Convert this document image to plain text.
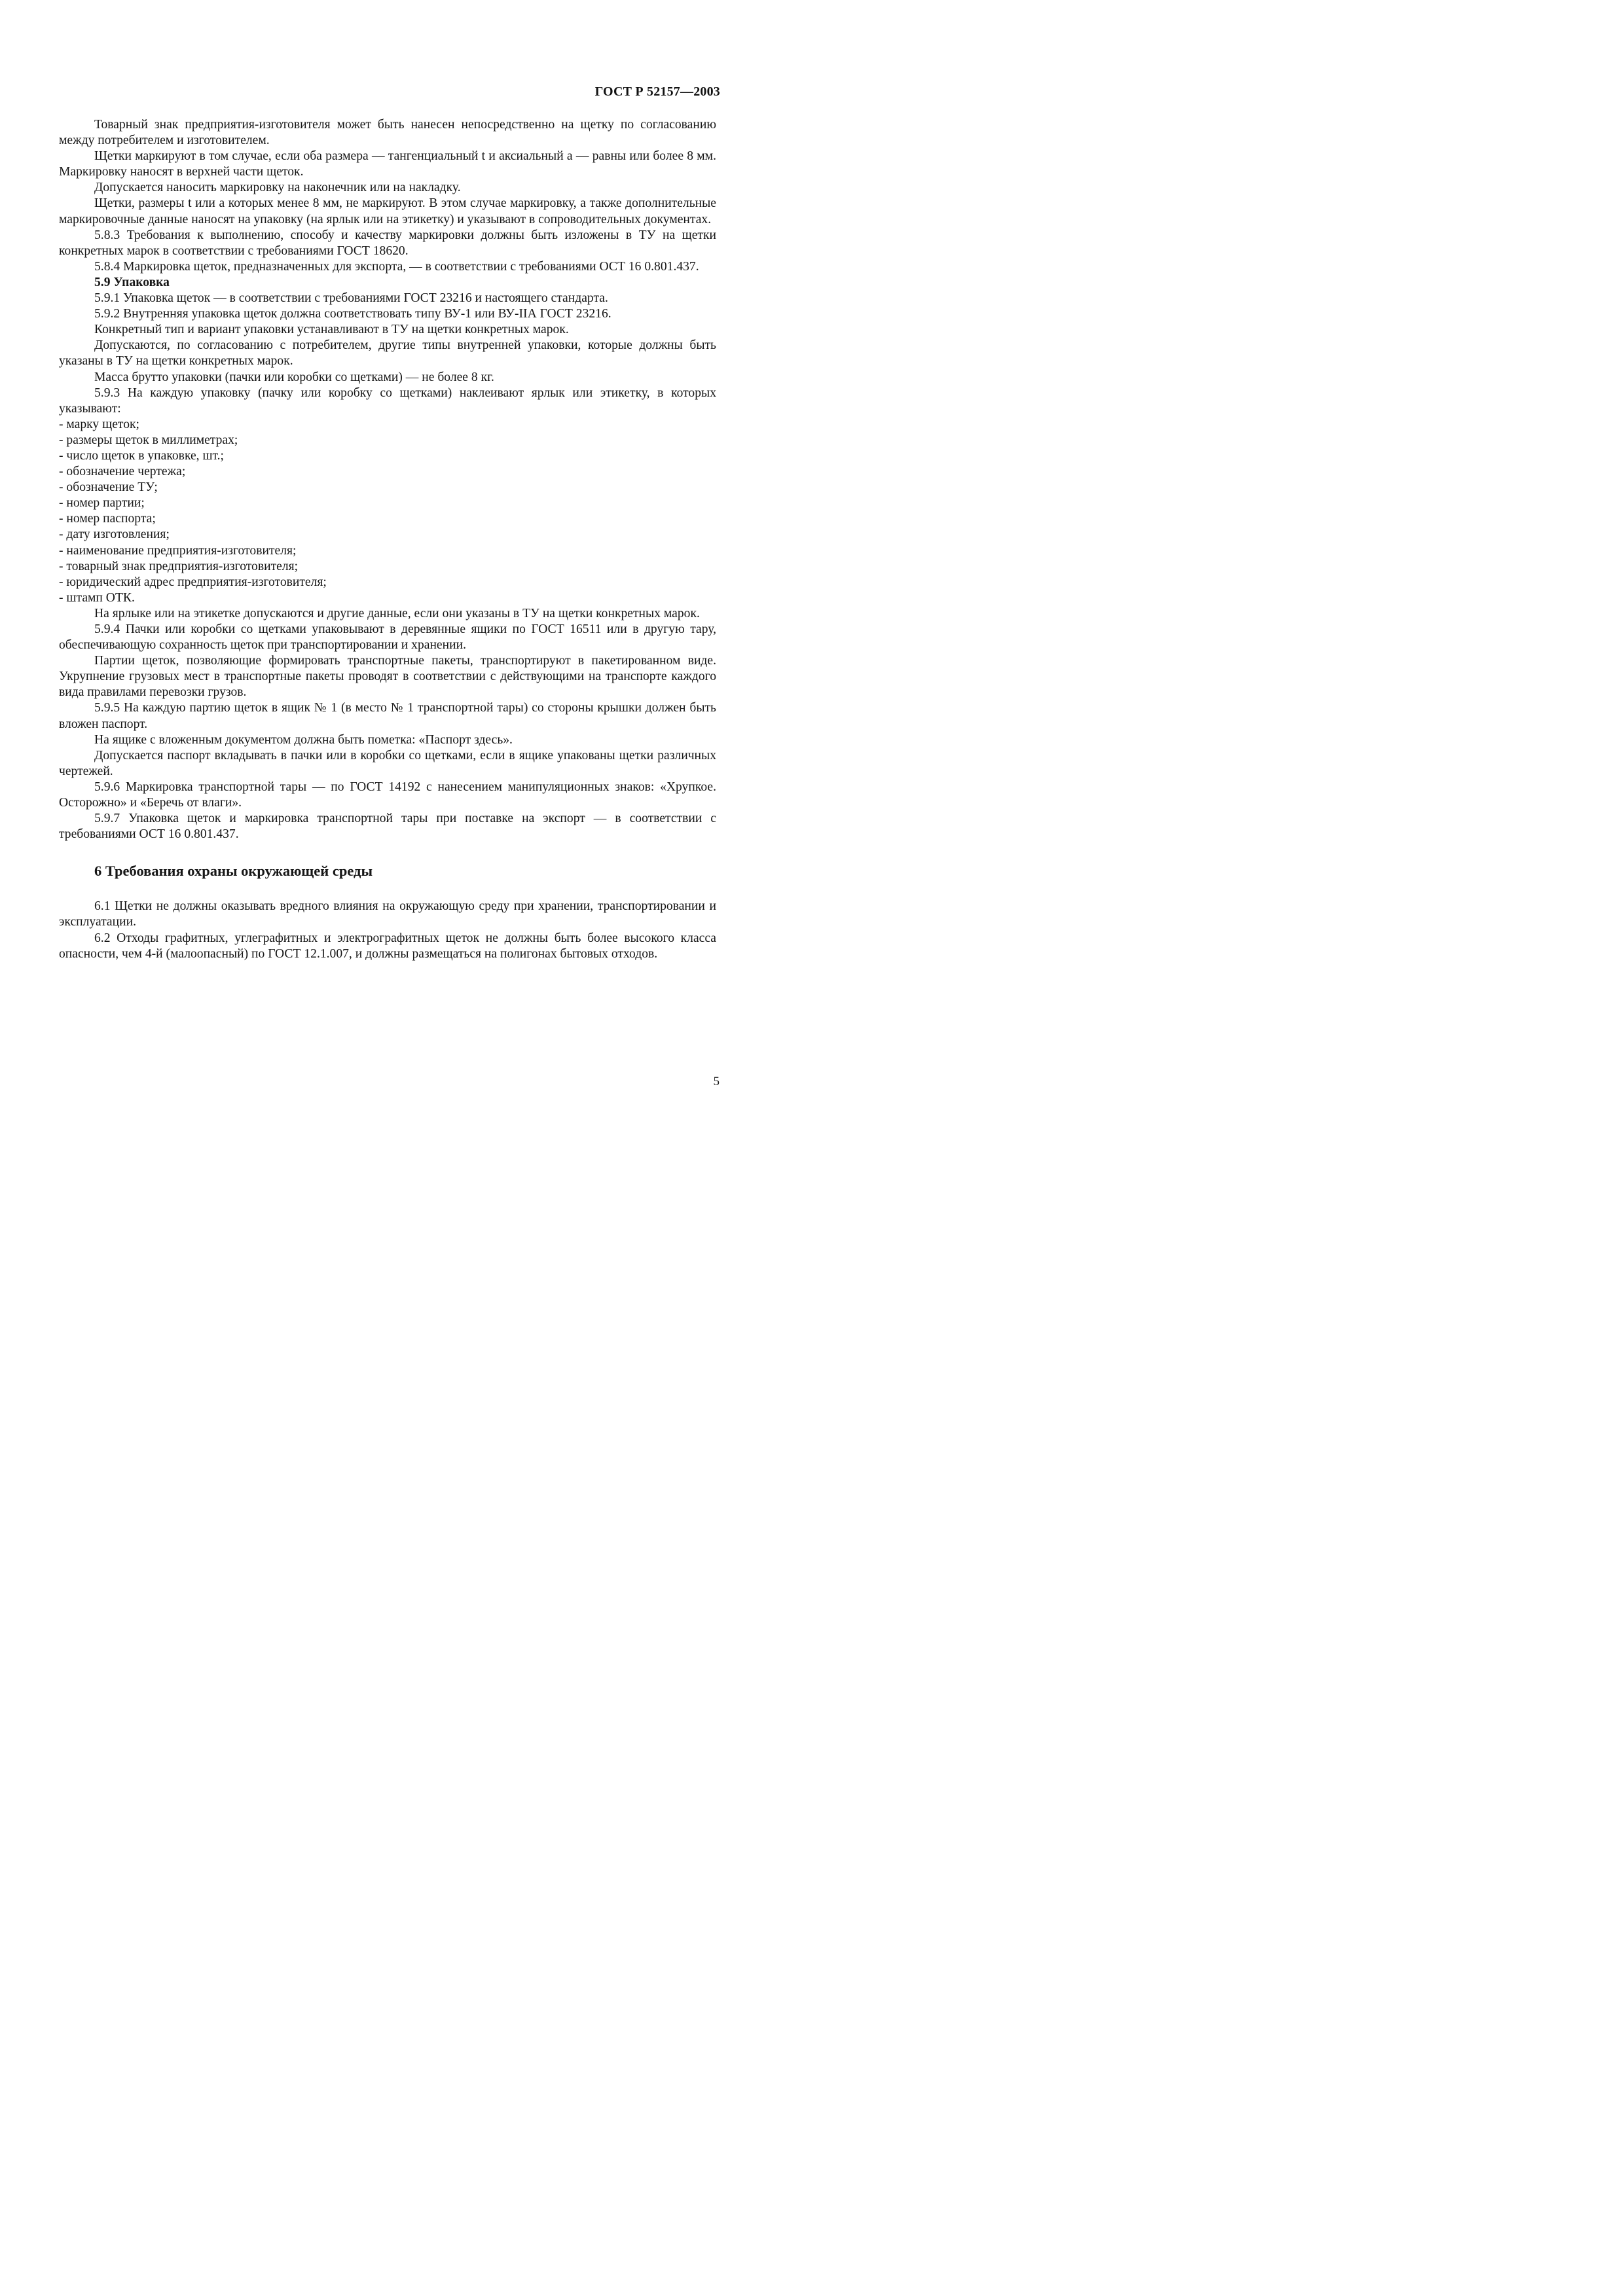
ГОСТ Р 52157—2003

Товарный знак предприятия-изготовителя может быть нанесен непосредственно на щетку по согласованию между потребителем и изготовителем.

Щетки маркируют в том случае, если оба размера — тангенциальный t и аксиальный a — равны или более 8 мм. Маркировку наносят в верхней части щеток.

Допускается наносить маркировку на наконечник или на накладку.

Щетки, размеры t или a которых менее 8 мм, не маркируют. В этом случае маркировку, а также дополнительные маркировочные данные наносят на упаковку (на ярлык или на этикетку) и указывают в сопроводительных документах.

5.8.3 Требования к выполнению, способу и качеству маркировки должны быть изложены в ТУ на щетки конкретных марок в соответствии с требованиями ГОСТ 18620.

5.8.4 Маркировка щеток, предназначенных для экспорта, — в соответствии с требованиями ОСТ 16 0.801.437.

5.9 Упаковка

5.9.1 Упаковка щеток — в соответствии с требованиями ГОСТ 23216 и настоящего стандарта.

5.9.2 Внутренняя упаковка щеток должна соответствовать типу ВУ-1 или ВУ-IIА ГОСТ 23216.

Конкретный тип и вариант упаковки устанавливают в ТУ на щетки конкретных марок.

Допускаются, по согласованию с потребителем, другие типы внутренней упаковки, которые должны быть указаны в ТУ на щетки конкретных марок.

Масса брутто упаковки (пачки или коробки со щетками) — не более 8 кг.

5.9.3 На каждую упаковку (пачку или коробку со щетками) наклеивают ярлык или этикетку, в которых указывают:

- марку щеток;

- размеры щеток в миллиметрах;

- число щеток в упаковке, шт.;

- обозначение чертежа;

- обозначение ТУ;

- номер партии;

- номер паспорта;

- дату изготовления;

- наименование предприятия-изготовителя;

- товарный знак предприятия-изготовителя;

- юридический адрес предприятия-изготовителя;

- штамп ОТК.

На ярлыке или на этикетке допускаются и другие данные, если они указаны в ТУ на щетки конкретных марок.

5.9.4 Пачки или коробки со щетками упаковывают в деревянные ящики по ГОСТ 16511 или в другую тару, обеспечивающую сохранность щеток при транспортировании и хранении.

Партии щеток, позволяющие формировать транспортные пакеты, транспортируют в пакетированном виде. Укрупнение грузовых мест в транспортные пакеты проводят в соответствии с действующими на транспорте каждого вида правилами перевозки грузов.

5.9.5 На каждую партию щеток в ящик № 1 (в место № 1 транспортной тары) со стороны крышки должен быть вложен паспорт.

На ящике с вложенным документом должна быть пометка: «Паспорт здесь».

Допускается паспорт вкладывать в пачки или в коробки со щетками, если в ящике упакованы щетки различных чертежей.

5.9.6 Маркировка транспортной тары — по ГОСТ 14192 с нанесением манипуляционных знаков: «Хрупкое. Осторожно» и «Беречь от влаги».

5.9.7 Упаковка щеток и маркировка транспортной тары при поставке на экспорт — в соответствии с требованиями ОСТ 16 0.801.437.

6 Требования охраны окружающей среды

6.1 Щетки не должны оказывать вредного влияния на окружающую среду при хранении, транспортировании и эксплуатации.

6.2 Отходы графитных, углеграфитных и электрографитных щеток не должны быть более высокого класса опасности, чем 4-й (малоопасный) по ГОСТ 12.1.007, и должны размещаться на полигонах бытовых отходов.

5
